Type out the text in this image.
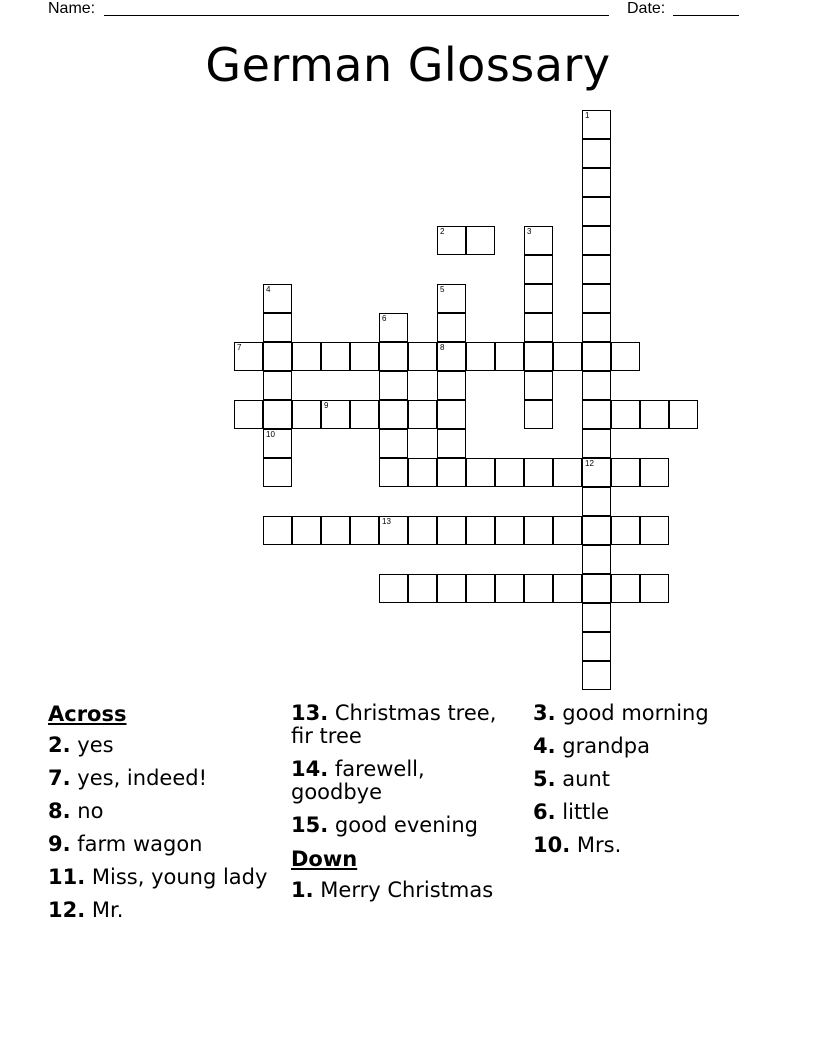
Name:	Date:
German Glossary
1
12
2	3
4	5
8
6
7
10
9
13
Across
2. yes
7. yes, indeed!
8. no
9. farm wagon
11. Miss, young lady
12. Mr.
13. Christmas tree, fir tree
14. farewell, goodbye
15. good evening
Down
1. Merry Christmas
3. good morning
4. grandpa
5. aunt
6. little
10. Mrs.
